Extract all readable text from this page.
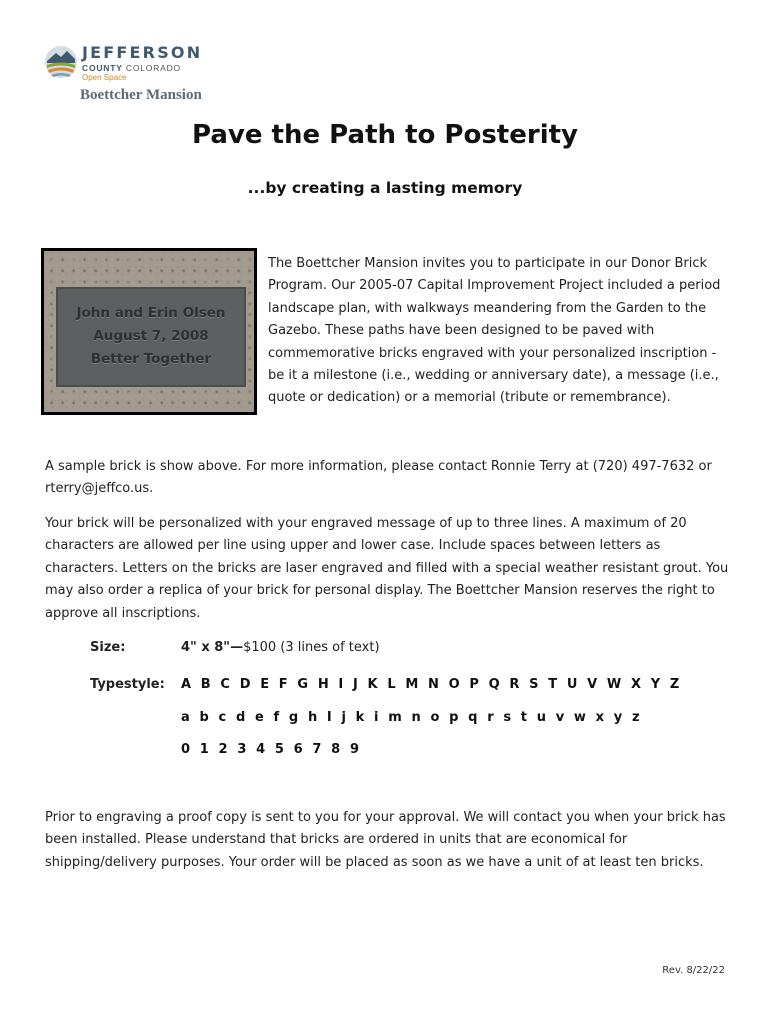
JEFFERSON
COUNTY COLORADO
Open Space
Boettcher Mansion
Pave the Path to Posterity
...by creating a lasting memory
John and Erin Olsen
August 7, 2008
Better Together
The Boettcher Mansion invites you to participate in our Donor Brick Program. Our 2005-07 Capital Improvement Project included a period landscape plan, with walkways meandering from the Garden to the Gazebo. These paths have been designed to be paved with commemorative bricks engraved with your personalized inscription - be it a milestone (i.e., wedding or anniversary date), a message (i.e., quote or dedication) or a memorial (tribute or remembrance).
A sample brick is show above. For more information, please contact Ronnie Terry at (720) 497-7632 or rterry@jeffco.us.
Your brick will be personalized with your engraved message of up to three lines. A maximum of 20 characters are allowed per line using upper and lower case. Include spaces between letters as characters. Letters on the bricks are laser engraved and filled with a special weather resistant grout. You may also order a replica of your brick for personal display. The Boettcher Mansion reserves the right to approve all inscriptions.
Size:	4" x 8"—$100 (3 lines of text)
Typestyle: A B C D E F G H I J K L M N O P Q R S T U V W X Y Z
a b c d e f g h I j k i m n o p q r s t u v w x y z
0 1 2 3 4 5 6 7 8 9
Prior to engraving a proof copy is sent to you for your approval. We will contact you when your brick has been installed. Please understand that bricks are ordered in units that are economical for shipping/delivery purposes. Your order will be placed as soon as we have a unit of at least ten bricks.
Rev. 8/22/22
